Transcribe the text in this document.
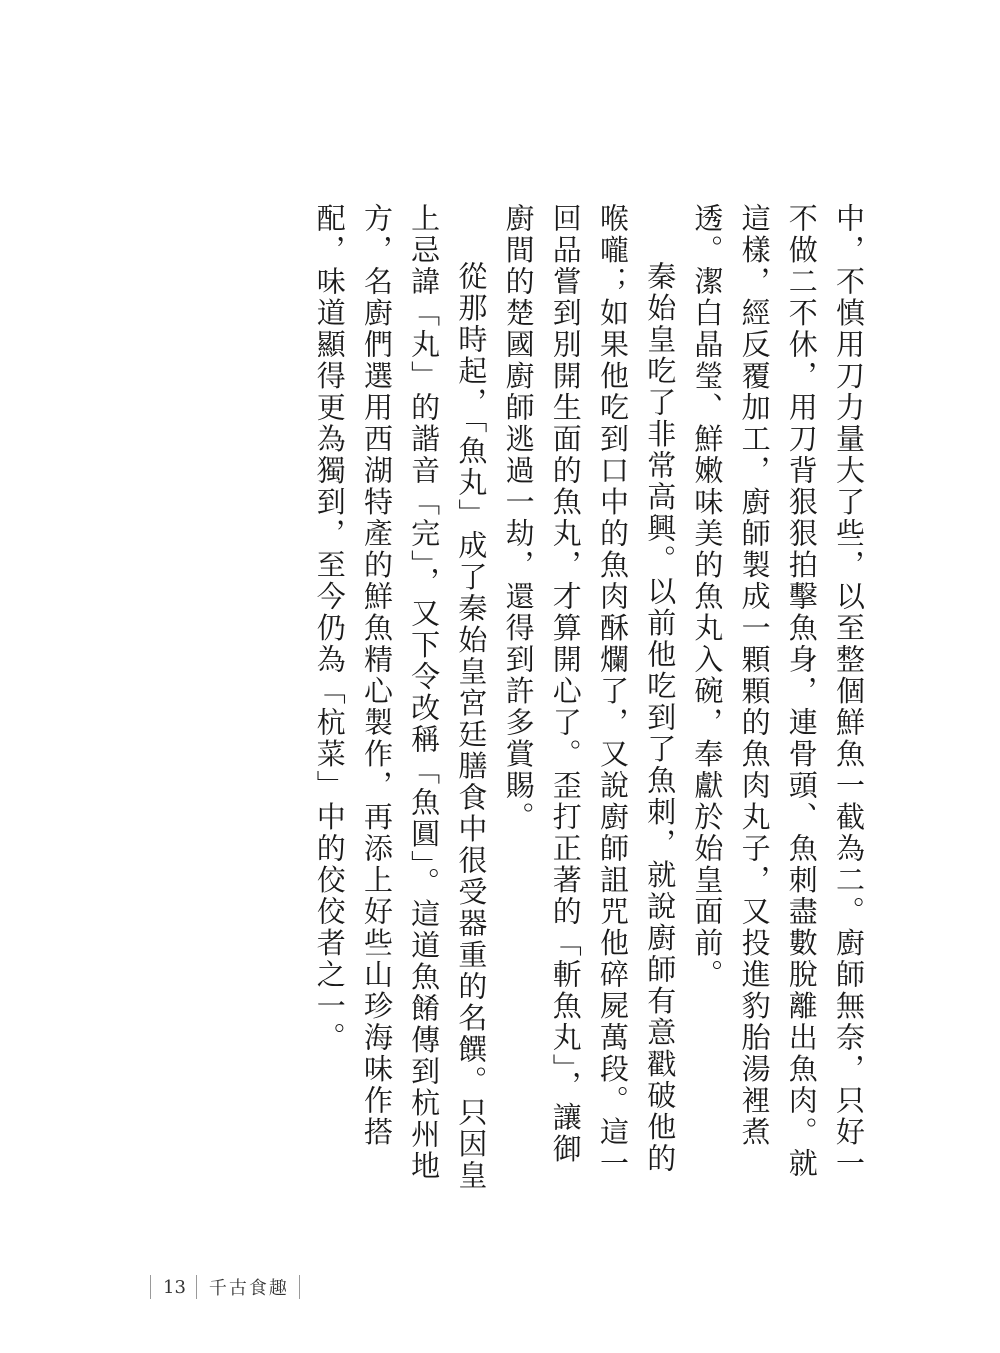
中，不慎用刀力量大了些，以至整個鮮魚一截為二。廚師無奈，只好一不做二不休，用刀背狠狠拍擊魚身，連骨頭、魚刺盡數脫離出魚肉。就這樣，經反覆加工，廚師製成一顆顆的魚肉丸子，又投進豹胎湯裡煮透。潔白晶瑩、鮮嫩味美的魚丸入碗，奉獻於始皇面前。

秦始皇吃了非常高興。以前他吃到了魚刺，就說廚師有意戳破他的喉嚨；如果他吃到口中的魚肉酥爛了，又說廚師詛咒他碎屍萬段。這一回品嘗到別開生面的魚丸，才算開心了。歪打正著的「斬魚丸」，讓御廚間的楚國廚師逃過一劫，還得到許多賞賜。

從那時起，「魚丸」成了秦始皇宮廷膳食中很受器重的名饌。只因皇上忌諱「丸」的諧音「完」，又下令改稱「魚圓」。這道魚餚傳到杭州地方，名廚們選用西湖特產的鮮魚精心製作，再添上好些山珍海味作搭配，味道顯得更為獨到，至今仍為「杭菜」中的佼佼者之一。

13	千古食趣
